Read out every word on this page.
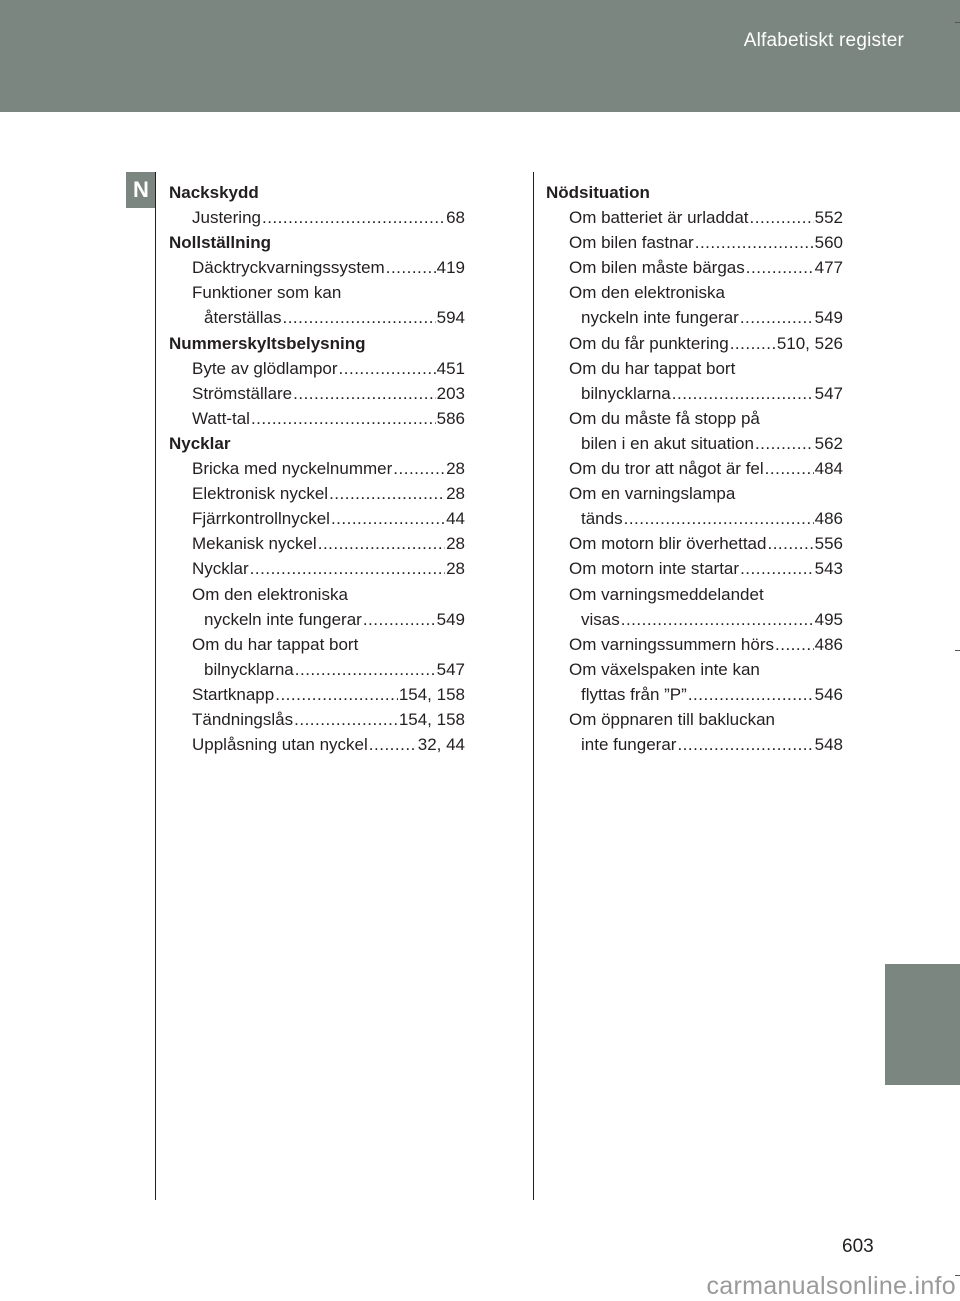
Alfabetiskt register
N	Nackskydd
Justering .....	68
Nollställning
Däcktryckvarningssystem .....	419
Funktioner som kan
återställas .....	594
Nummerskyltsbelysning
Byte av glödlampor .....	451
Strömställare .....	203
Watt-tal .....	586
Nycklar
Bricka med nyckelnummer .....	28
Elektronisk nyckel .....	28
Fjärrkontrollnyckel .....	44
Mekanisk nyckel .....	28
Nycklar .....	28
Om den elektroniska
nyckeln inte fungerar .....	549
Om du har tappat bort
bilnycklarna .....	547
Startknapp .....	154, 158
Tändningslås .....	154, 158
Upplåsning utan nyckel .....	32, 44
Nödsituation
Om batteriet är urladdat .....	552
Om bilen fastnar .....	560
Om bilen måste bärgas .....	477
Om den elektroniska
nyckeln inte fungerar .....	549
Om du får punktering .....	510, 526
Om du har tappat bort
bilnycklarna .....	547
Om du måste få stopp på
bilen i en akut situation .....	562
Om du tror att något är fel .....	484
Om en varningslampa
tänds .....	486
Om motorn blir överhettad .....	556
Om motorn inte startar .....	543
Om varningsmeddelandet
visas .....	495
Om varningssummern hörs ..... 486
Om växelspaken inte kan
flyttas från ”P” .....	546
Om öppnaren till bakluckan
inte fungerar .....	548
603
carmanualsonline.info
